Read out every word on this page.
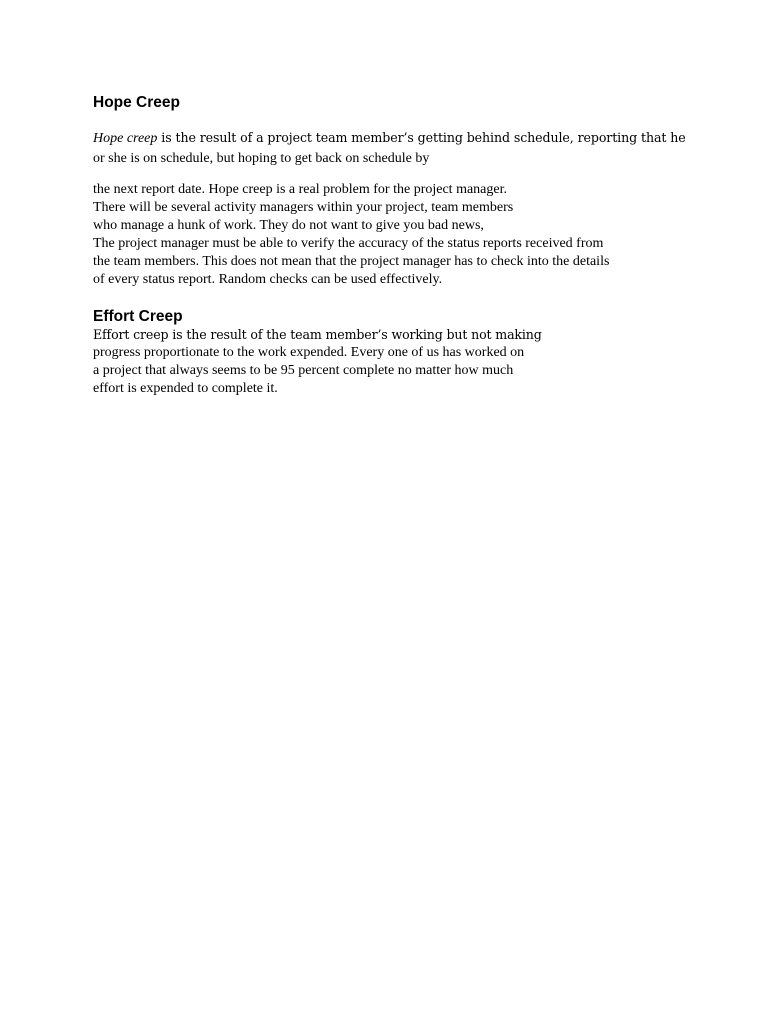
Hope Creep

Hope creep is the result of a project team member’s getting behind schedule, reporting that he
or she is on schedule, but hoping to get back on schedule by

the next report date. Hope creep is a real problem for the project manager.
There will be several activity managers within your project, team members
who manage a hunk of work. They do not want to give you bad news,
The project manager must be able to verify the accuracy of the status reports received from
the team members. This does not mean that the project manager has to check into the details
of every status report. Random checks can be used effectively.

Effort Creep

Effort creep is the result of the team member’s working but not making
progress proportionate to the work expended. Every one of us has worked on
a project that always seems to be 95 percent complete no matter how much
effort is expended to complete it.
